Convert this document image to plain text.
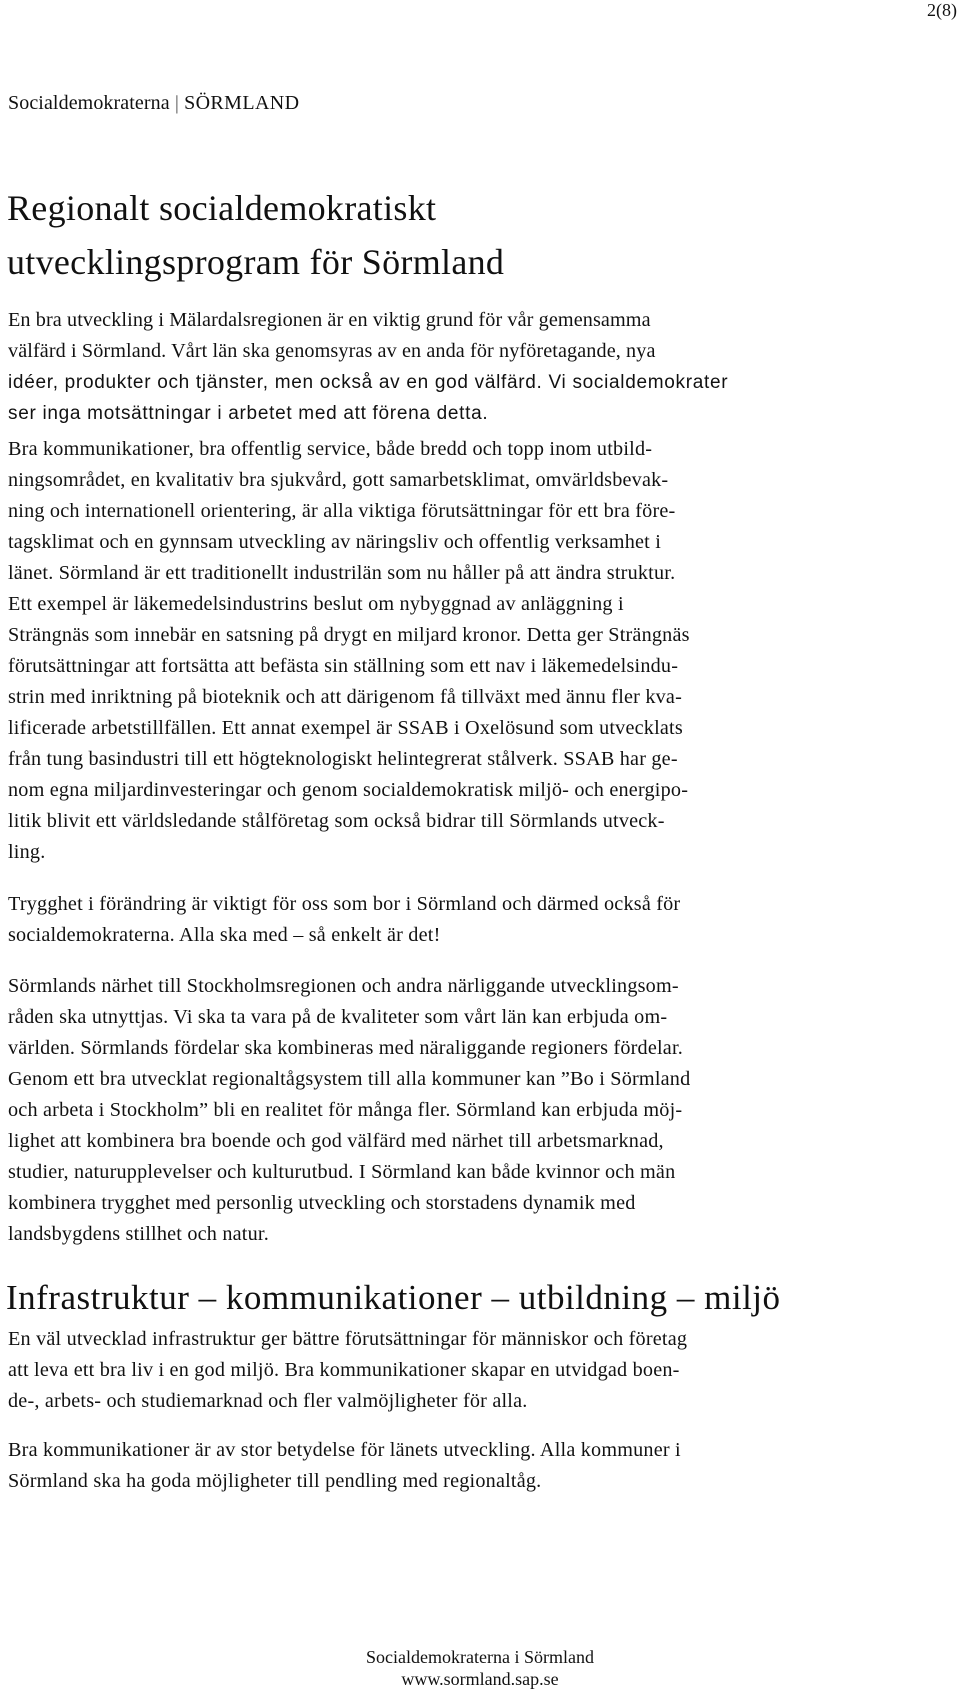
2(8)
Socialdemokraterna | SÖRMLAND
Regionalt socialdemokratiskt
utvecklingsprogram för Sörmland

En bra utveckling i Mälardalsregionen är en viktig grund för vår gemensamma
välfärd i Sörmland. Vårt län ska genomsyras av en anda för nyföretagande, nya
idéer, produkter och tjänster, men också av en god välfärd. Vi socialdemokrater
ser inga motsättningar i arbetet med att förena detta.

Bra kommunikationer, bra offentlig service, både bredd och topp inom utbild-
ningsområdet, en kvalitativ bra sjukvård, gott samarbetsklimat, omvärldsbevak-
ning och internationell orientering, är alla viktiga förutsättningar för ett bra före-
tagsklimat och en gynnsam utveckling av näringsliv och offentlig verksamhet i
länet. Sörmland är ett traditionellt industrilän som nu håller på att ändra struktur.
Ett exempel är läkemedelsindustrins beslut om nybyggnad av anläggning i
Strängnäs som innebär en satsning på drygt en miljard kronor. Detta ger Strängnäs
förutsättningar att fortsätta att befästa sin ställning som ett nav i läkemedelsindu-
strin med inriktning på bioteknik och att därigenom få tillväxt med ännu fler kva-
lificerade arbetstillfällen. Ett annat exempel är SSAB i Oxelösund som utvecklats
från tung basindustri till ett högteknologiskt helintegrerat stålverk. SSAB har ge-
nom egna miljardinvesteringar och genom socialdemokratisk miljö- och energipo-
litik blivit ett världsledande stålföretag som också bidrar till Sörmlands utveck-
ling.

Trygghet i förändring är viktigt för oss som bor i Sörmland och därmed också för
socialdemokraterna. Alla ska med – så enkelt är det!

Sörmlands närhet till Stockholmsregionen och andra närliggande utvecklingsom-
råden ska utnyttjas. Vi ska ta vara på de kvaliteter som vårt län kan erbjuda om-
världen. Sörmlands fördelar ska kombineras med näraliggande regioners fördelar.
Genom ett bra utvecklat regionaltågsystem till alla kommuner kan ”Bo i Sörmland
och arbeta i Stockholm” bli en realitet för många fler. Sörmland kan erbjuda möj-
lighet att kombinera bra boende och god välfärd med närhet till arbetsmarknad,
studier, naturupplevelser och kulturutbud. I Sörmland kan både kvinnor och män
kombinera trygghet med personlig utveckling och storstadens dynamik med
landsbygdens stillhet och natur.

Infrastruktur – kommunikationer – utbildning – miljö

En väl utvecklad infrastruktur ger bättre förutsättningar för människor och företag
att leva ett bra liv i en god miljö. Bra kommunikationer skapar en utvidgad boen-
de-, arbets- och studiemarknad och fler valmöjligheter för alla.

Bra kommunikationer är av stor betydelse för länets utveckling. Alla kommuner i
Sörmland ska ha goda möjligheter till pendling med regionaltåg.

Socialdemokraterna i Sörmland
www.sormland.sap.se
